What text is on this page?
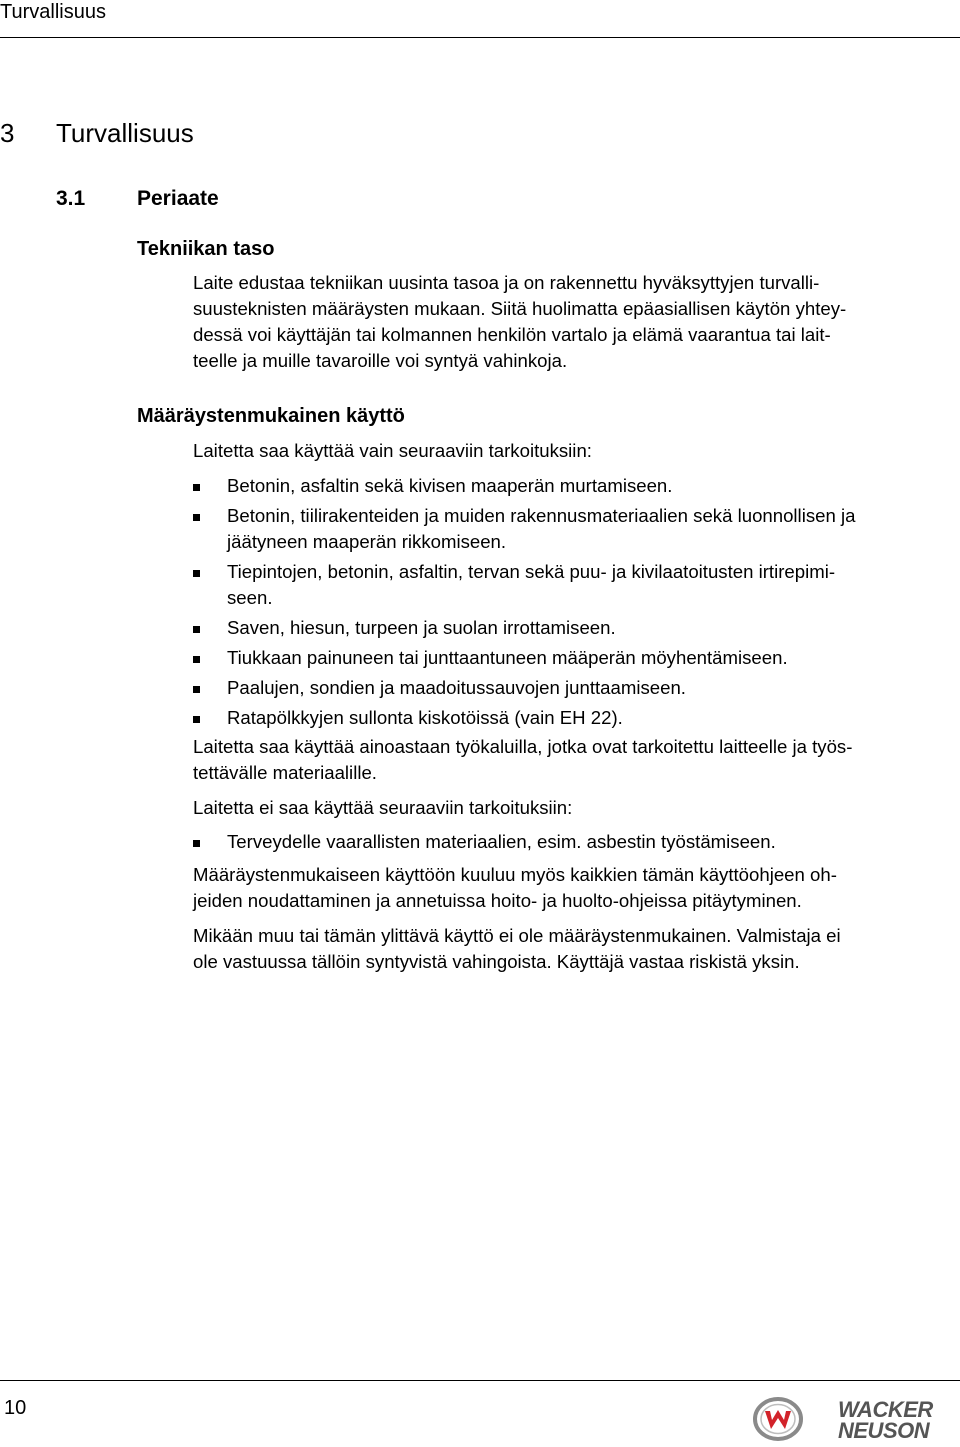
Turvallisuus
3 Turvallisuus
3.1 Periaate
Tekniikan taso

Laite edustaa tekniikan uusinta tasoa ja on rakennettu hyväksyttyjen turvalli-
suusteknisten määräysten mukaan. Siitä huolimatta epäasiallisen käytön yhtey-
dessä voi käyttäjän tai kolmannen henkilön vartalo ja elämä vaarantua tai lait-
teelle ja muille tavaroille voi syntyä vahinkoja.

Määräystenmukainen käyttö

Laitetta saa käyttää vain seuraaviin tarkoituksiin:

Betonin, asfaltin sekä kivisen maaperän murtamiseen.
Betonin, tiilirakenteiden ja muiden rakennusmateriaalien sekä luonnollisen ja
jäätyneen maaperän rikkomiseen.
Tiepintojen, betonin, asfaltin, tervan sekä puu- ja kivilaatoitusten irtirepimi-
seen.
Saven, hiesun, turpeen ja suolan irrottamiseen.
Tiukkaan painuneen tai junttaantuneen määperän möyhentämiseen.
Paalujen, sondien ja maadoitussauvojen junttaamiseen.
Ratapölkkyjen sullonta kiskotöissä (vain EH 22).

Laitetta saa käyttää ainoastaan työkaluilla, jotka ovat tarkoitettu laitteelle ja työs-
tettävälle materiaalille.

Laitetta ei saa käyttää seuraaviin tarkoituksiin:

Terveydelle vaarallisten materiaalien, esim. asbestin työstämiseen.

Määräystenmukaiseen käyttöön kuuluu myös kaikkien tämän käyttöohjeen oh-
jeiden noudattaminen ja annetuissa hoito- ja huolto-ohjeissa pitäytyminen.

Mikään muu tai tämän ylittävä käyttö ei ole määräystenmukainen. Valmistaja ei
ole vastuussa tällöin syntyvistä vahingoista. Käyttäjä vastaa riskistä yksin.

10	WACKER
NEUSON
